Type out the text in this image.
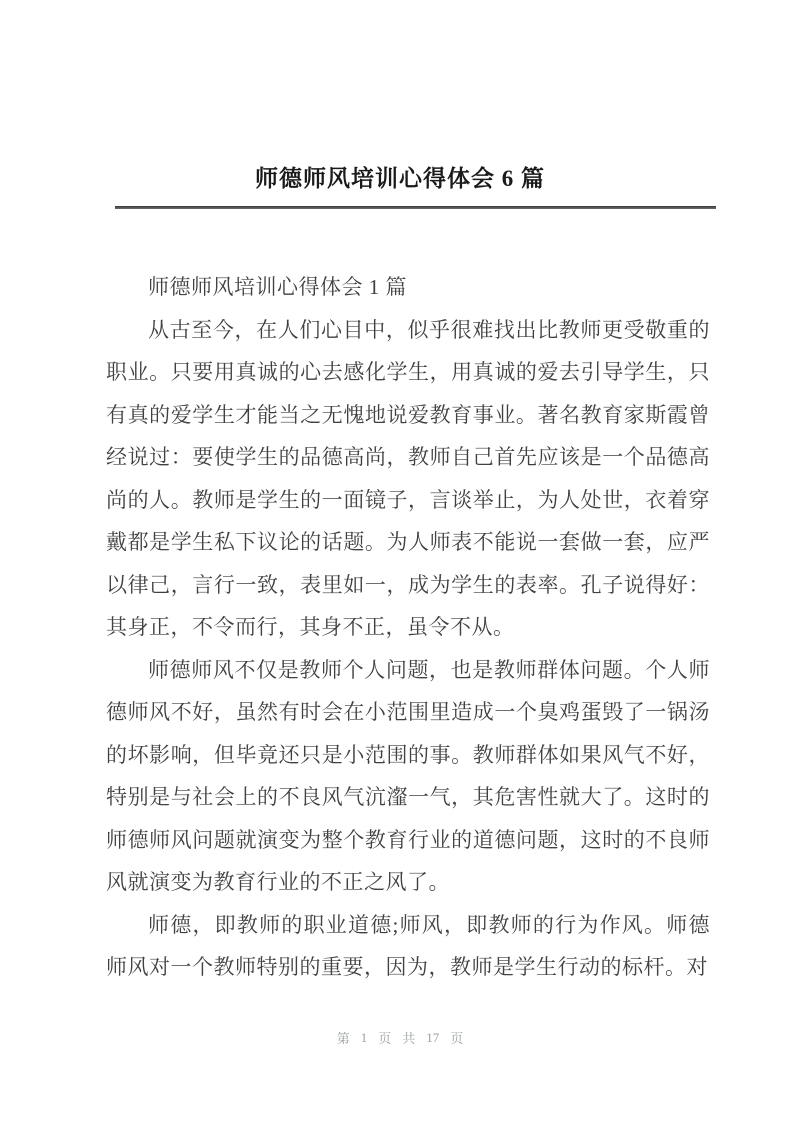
师德师风培训心得体会 6 篇

师德师风培训心得体会 1 篇

从古至今，在人们心目中，似乎很难找出比教师更受敬重的职业。只要用真诚的心去感化学生，用真诚的爱去引导学生，只有真的爱学生才能当之无愧地说爱教育事业。著名教育家斯霞曾经说过：要使学生的品德高尚，教师自己首先应该是一个品德高尚的人。教师是学生的一面镜子，言谈举止，为人处世，衣着穿戴都是学生私下议论的话题。为人师表不能说一套做一套，应严以律己，言行一致，表里如一，成为学生的表率。孔子说得好：其身正，不令而行，其身不正，虽令不从。

师德师风不仅是教师个人问题，也是教师群体问题。个人师德师风不好，虽然有时会在小范围里造成一个臭鸡蛋毁了一锅汤的坏影响，但毕竟还只是小范围的事。教师群体如果风气不好，特别是与社会上的不良风气沆瀣一气，其危害性就大了。这时的师德师风问题就演变为整个教育行业的道德问题，这时的不良师风就演变为教育行业的不正之风了。

师德，即教师的职业道德;师风，即教师的行为作风。师德师风对一个教师特别的重要，因为，教师是学生行动的标杆。对

第 1 页 共 17 页
